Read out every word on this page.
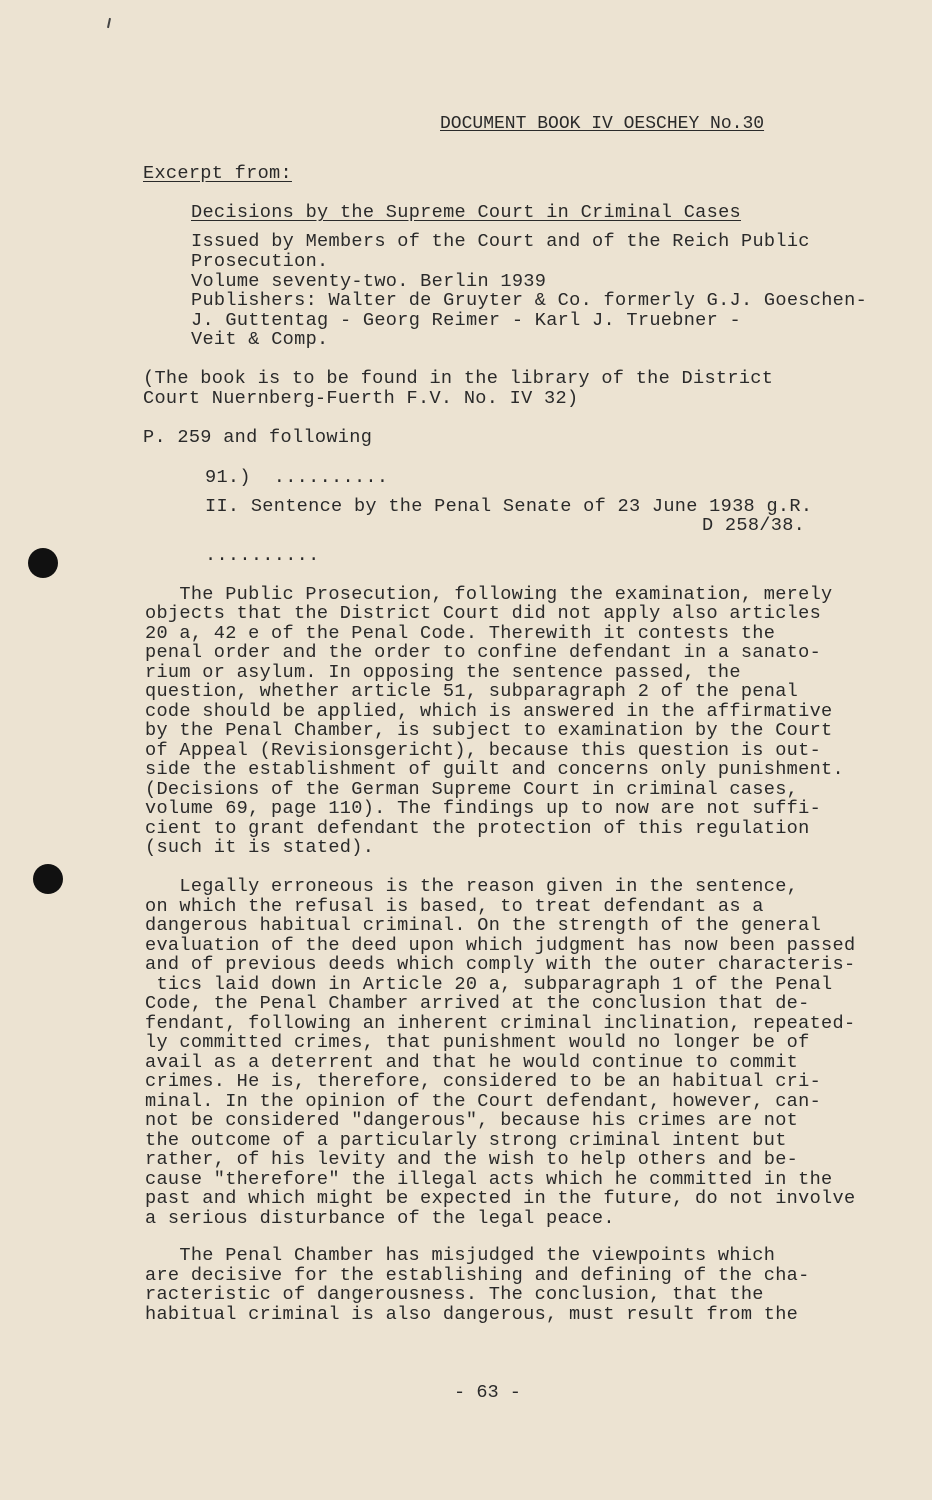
DOCUMENT BOOK IV OESCHEY No.30
Excerpt from:
Decisions by the Supreme Court in Criminal Cases
Issued by Members of the Court and of the Reich Public
Prosecution.
Volume seventy-two. Berlin 1939
Publishers: Walter de Gruyter & Co. formerly G.J. Goeschen-
J. Guttentag - Georg Reimer - Karl J. Truebner -
Veit & Comp.
(The book is to be found in the library of the District
Court Nuernberg-Fuerth F.V. No. IV 32)
P. 259 and following
91.)  ..........
II. Sentence by the Penal Senate of 23 June 1938 g.R.
D 258/38.
..........
The Public Prosecution, following the examination, merely
objects that the District Court did not apply also articles
20 a, 42 e of the Penal Code. Therewith it contests the
penal order and the order to confine defendant in a sanato-
rium or asylum. In opposing the sentence passed, the
question, whether article 51, subparagraph 2 of the penal
code should be applied, which is answered in the affirmative
by the Penal Chamber, is subject to examination by the Court
of Appeal (Revisionsgericht), because this question is out-
side the establishment of guilt and concerns only punishment.
(Decisions of the German Supreme Court in criminal cases,
volume 69, page 110). The findings up to now are not suffi-
cient to grant defendant the protection of this regulation
(such it is stated).
Legally erroneous is the reason given in the sentence,
on which the refusal is based, to treat defendant as a
dangerous habitual criminal. On the strength of the general
evaluation of the deed upon which judgment has now been passed
and of previous deeds which comply with the outer characteris-
tics laid down in Article 20 a, subparagraph 1 of the Penal
Code, the Penal Chamber arrived at the conclusion that de-
fendant, following an inherent criminal inclination, repeated-
ly committed crimes, that punishment would no longer be of
avail as a deterrent and that he would continue to commit
crimes. He is, therefore, considered to be an habitual cri-
minal. In the opinion of the Court defendant, however, can-
not be considered "dangerous", because his crimes are not
the outcome of a particularly strong criminal intent but
rather, of his levity and the wish to help others and be-
cause "therefore" the illegal acts which he committed in the
past and which might be expected in the future, do not involve
a serious disturbance of the legal peace.
The Penal Chamber has misjudged the viewpoints which
are decisive for the establishing and defining of the cha-
racteristic of dangerousness. The conclusion, that the
habitual criminal is also dangerous, must result from the
- 63 -
